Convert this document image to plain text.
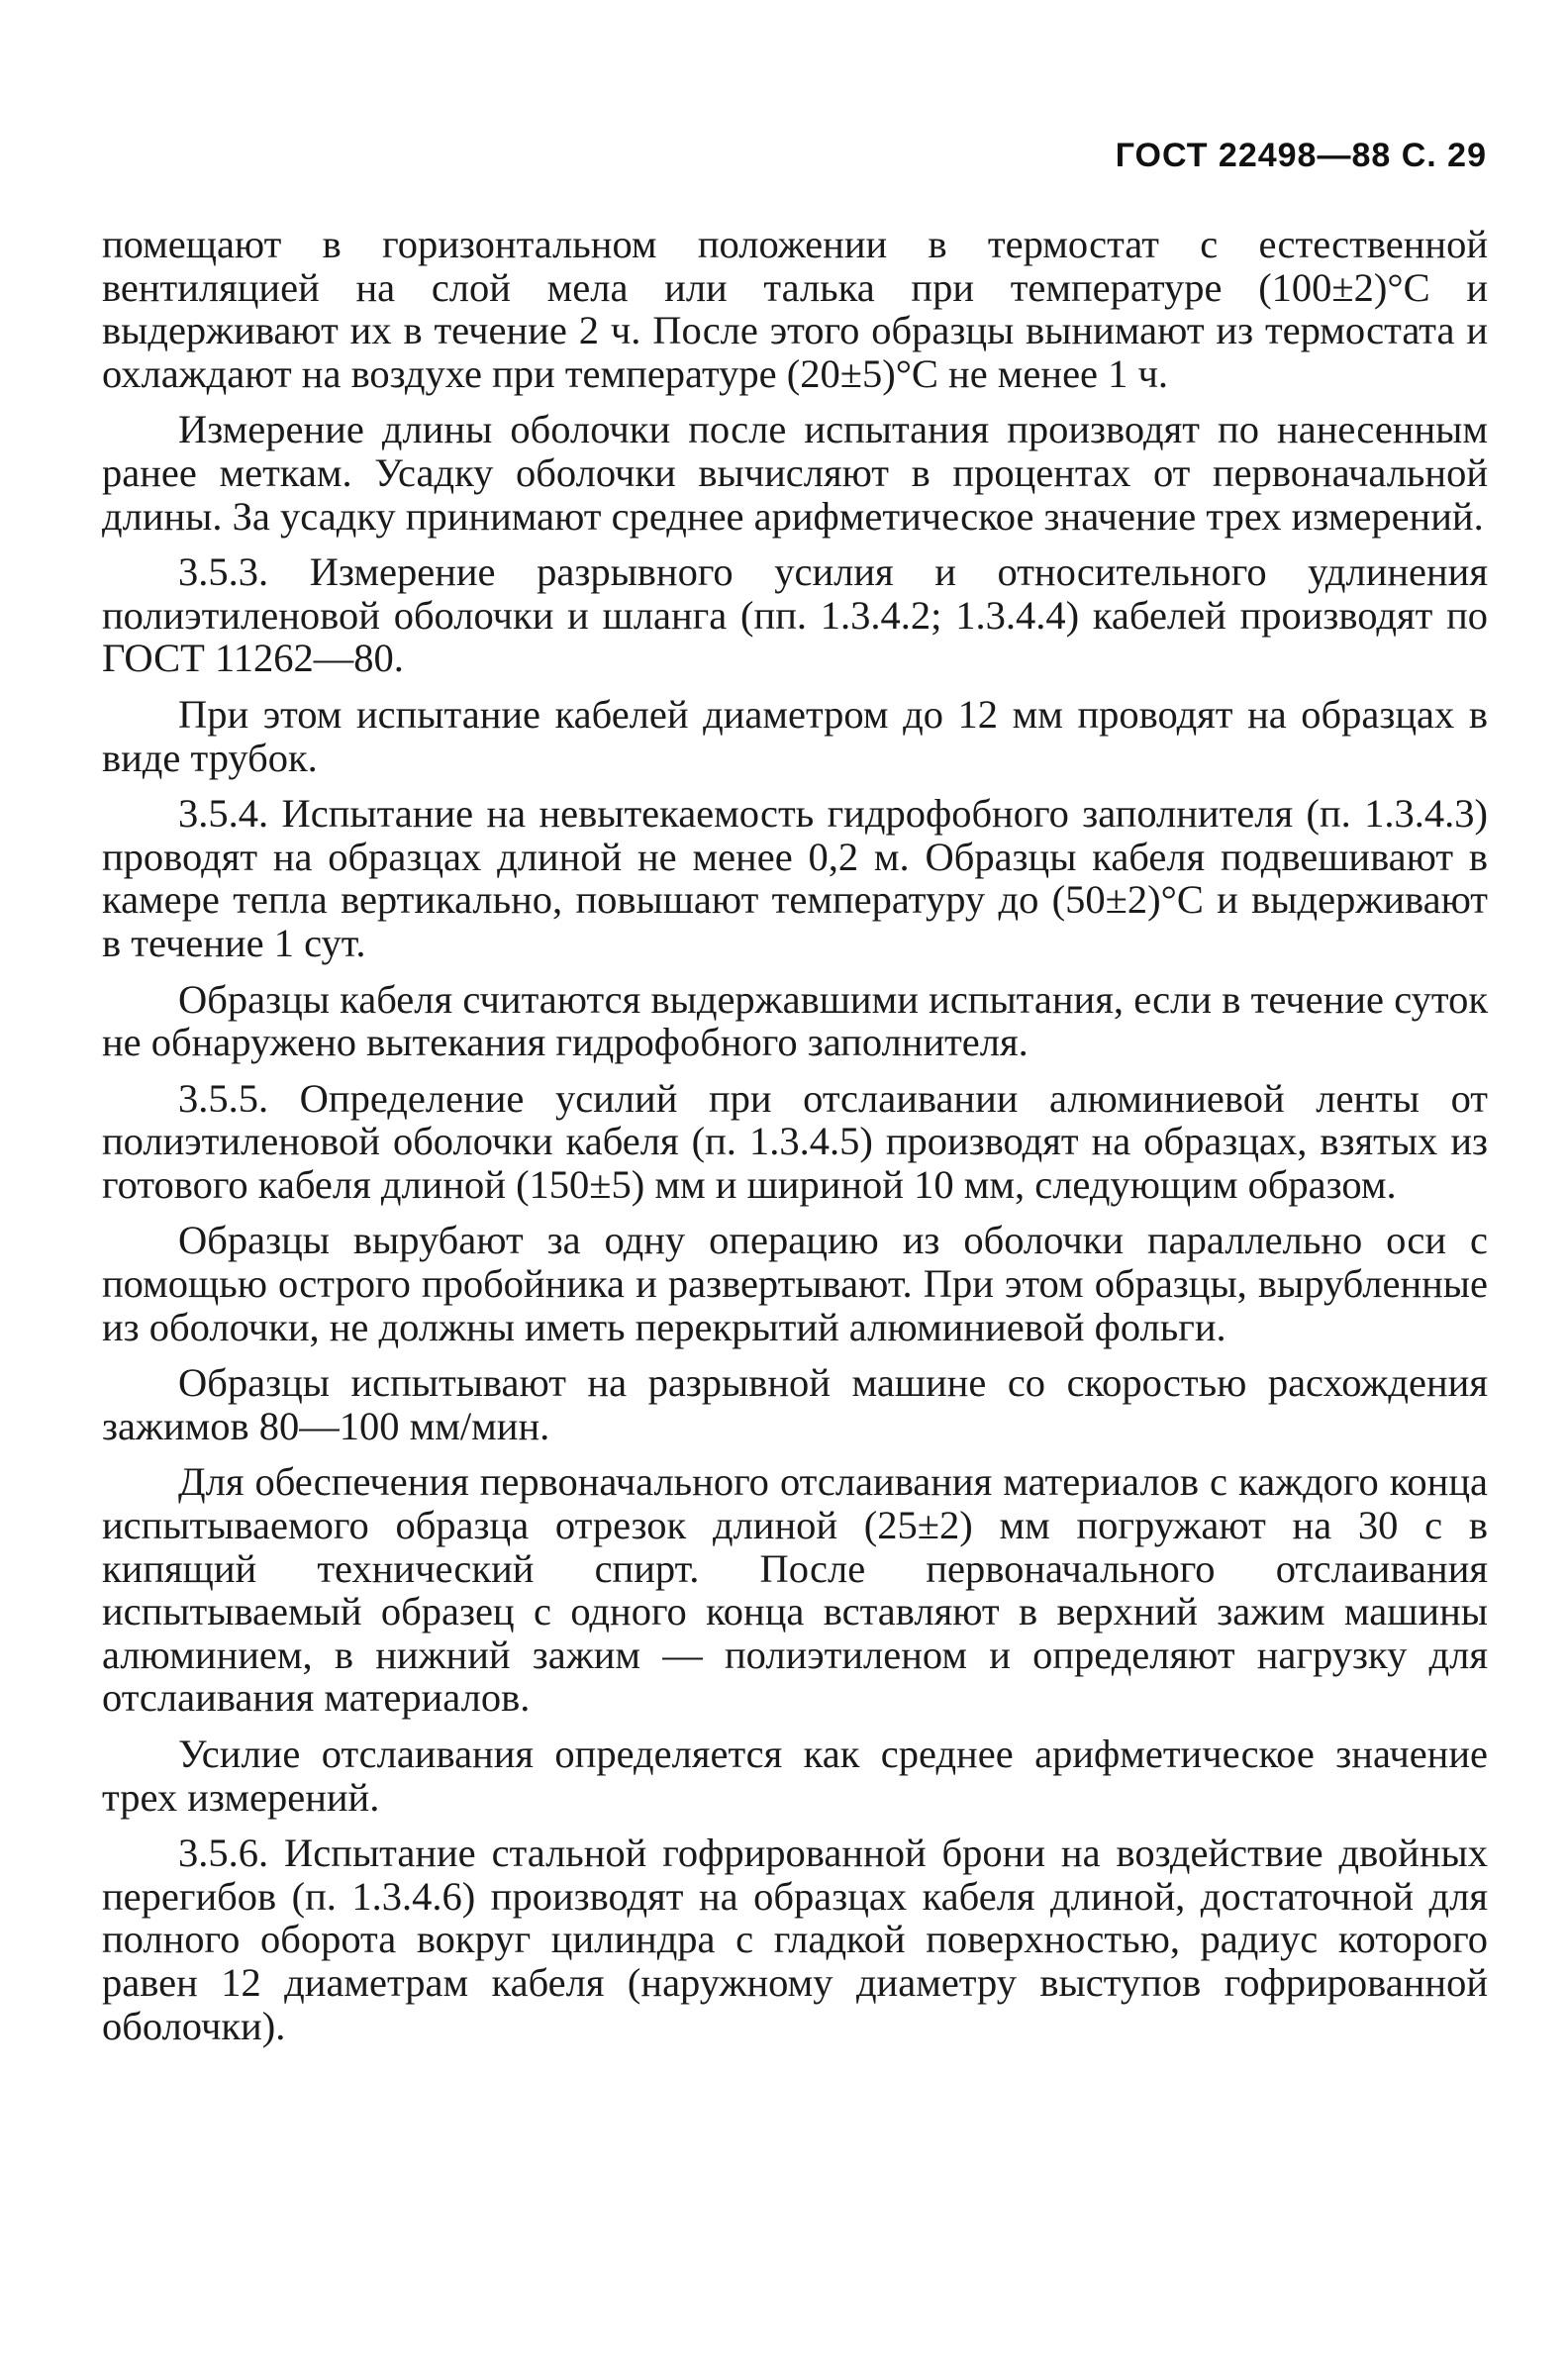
ГОСТ 22498—88 С. 29

помещают в горизонтальном положении в термостат с естественной вентиляцией на слой мела или талька при температуре (100±2)°С и выдерживают их в течение 2 ч. После этого образцы вынимают из термостата и охлаждают на воздухе при температуре (20±5)°С не менее 1 ч.

Измерение длины оболочки после испытания производят по нанесенным ранее меткам. Усадку оболочки вычисляют в процентах от первоначальной длины. За усадку принимают среднее арифметическое значение трех измерений.

3.5.3. Измерение разрывного усилия и относительного удлинения полиэтиленовой оболочки и шланга (пп. 1.3.4.2; 1.3.4.4) кабелей производят по ГОСТ 11262—80.

При этом испытание кабелей диаметром до 12 мм проводят на образцах в виде трубок.

3.5.4. Испытание на невытекаемость гидрофобного заполнителя (п. 1.3.4.3) проводят на образцах длиной не менее 0,2 м. Образцы кабеля подвешивают в камере тепла вертикально, повышают температуру до (50±2)°С и выдерживают в течение 1 сут.

Образцы кабеля считаются выдержавшими испытания, если в течение суток не обнаружено вытекания гидрофобного заполнителя.

3.5.5. Определение усилий при отслаивании алюминиевой ленты от полиэтиленовой оболочки кабеля (п. 1.3.4.5) производят на образцах, взятых из готового кабеля длиной (150±5) мм и шириной 10 мм, следующим образом.

Образцы вырубают за одну операцию из оболочки параллельно оси с помощью острого пробойника и развертывают. При этом образцы, вырубленные из оболочки, не должны иметь перекрытий алюминиевой фольги.

Образцы испытывают на разрывной машине со скоростью расхождения зажимов 80—100 мм/мин.

Для обеспечения первоначального отслаивания материалов с каждого конца испытываемого образца отрезок длиной (25±2) мм погружают на 30 с в кипящий технический спирт. После первоначального отслаивания испытываемый образец с одного конца вставляют в верхний зажим машины алюминием, в нижний зажим — полиэтиленом и определяют нагрузку для отслаивания материалов.

Усилие отслаивания определяется как среднее арифметическое значение трех измерений.

3.5.6. Испытание стальной гофрированной брони на воздействие двойных перегибов (п. 1.3.4.6) производят на образцах кабеля длиной, достаточной для полного оборота вокруг цилиндра с гладкой поверхностью, радиус которого равен 12 диаметрам кабеля (наружному диаметру выступов гофрированной оболочки).
